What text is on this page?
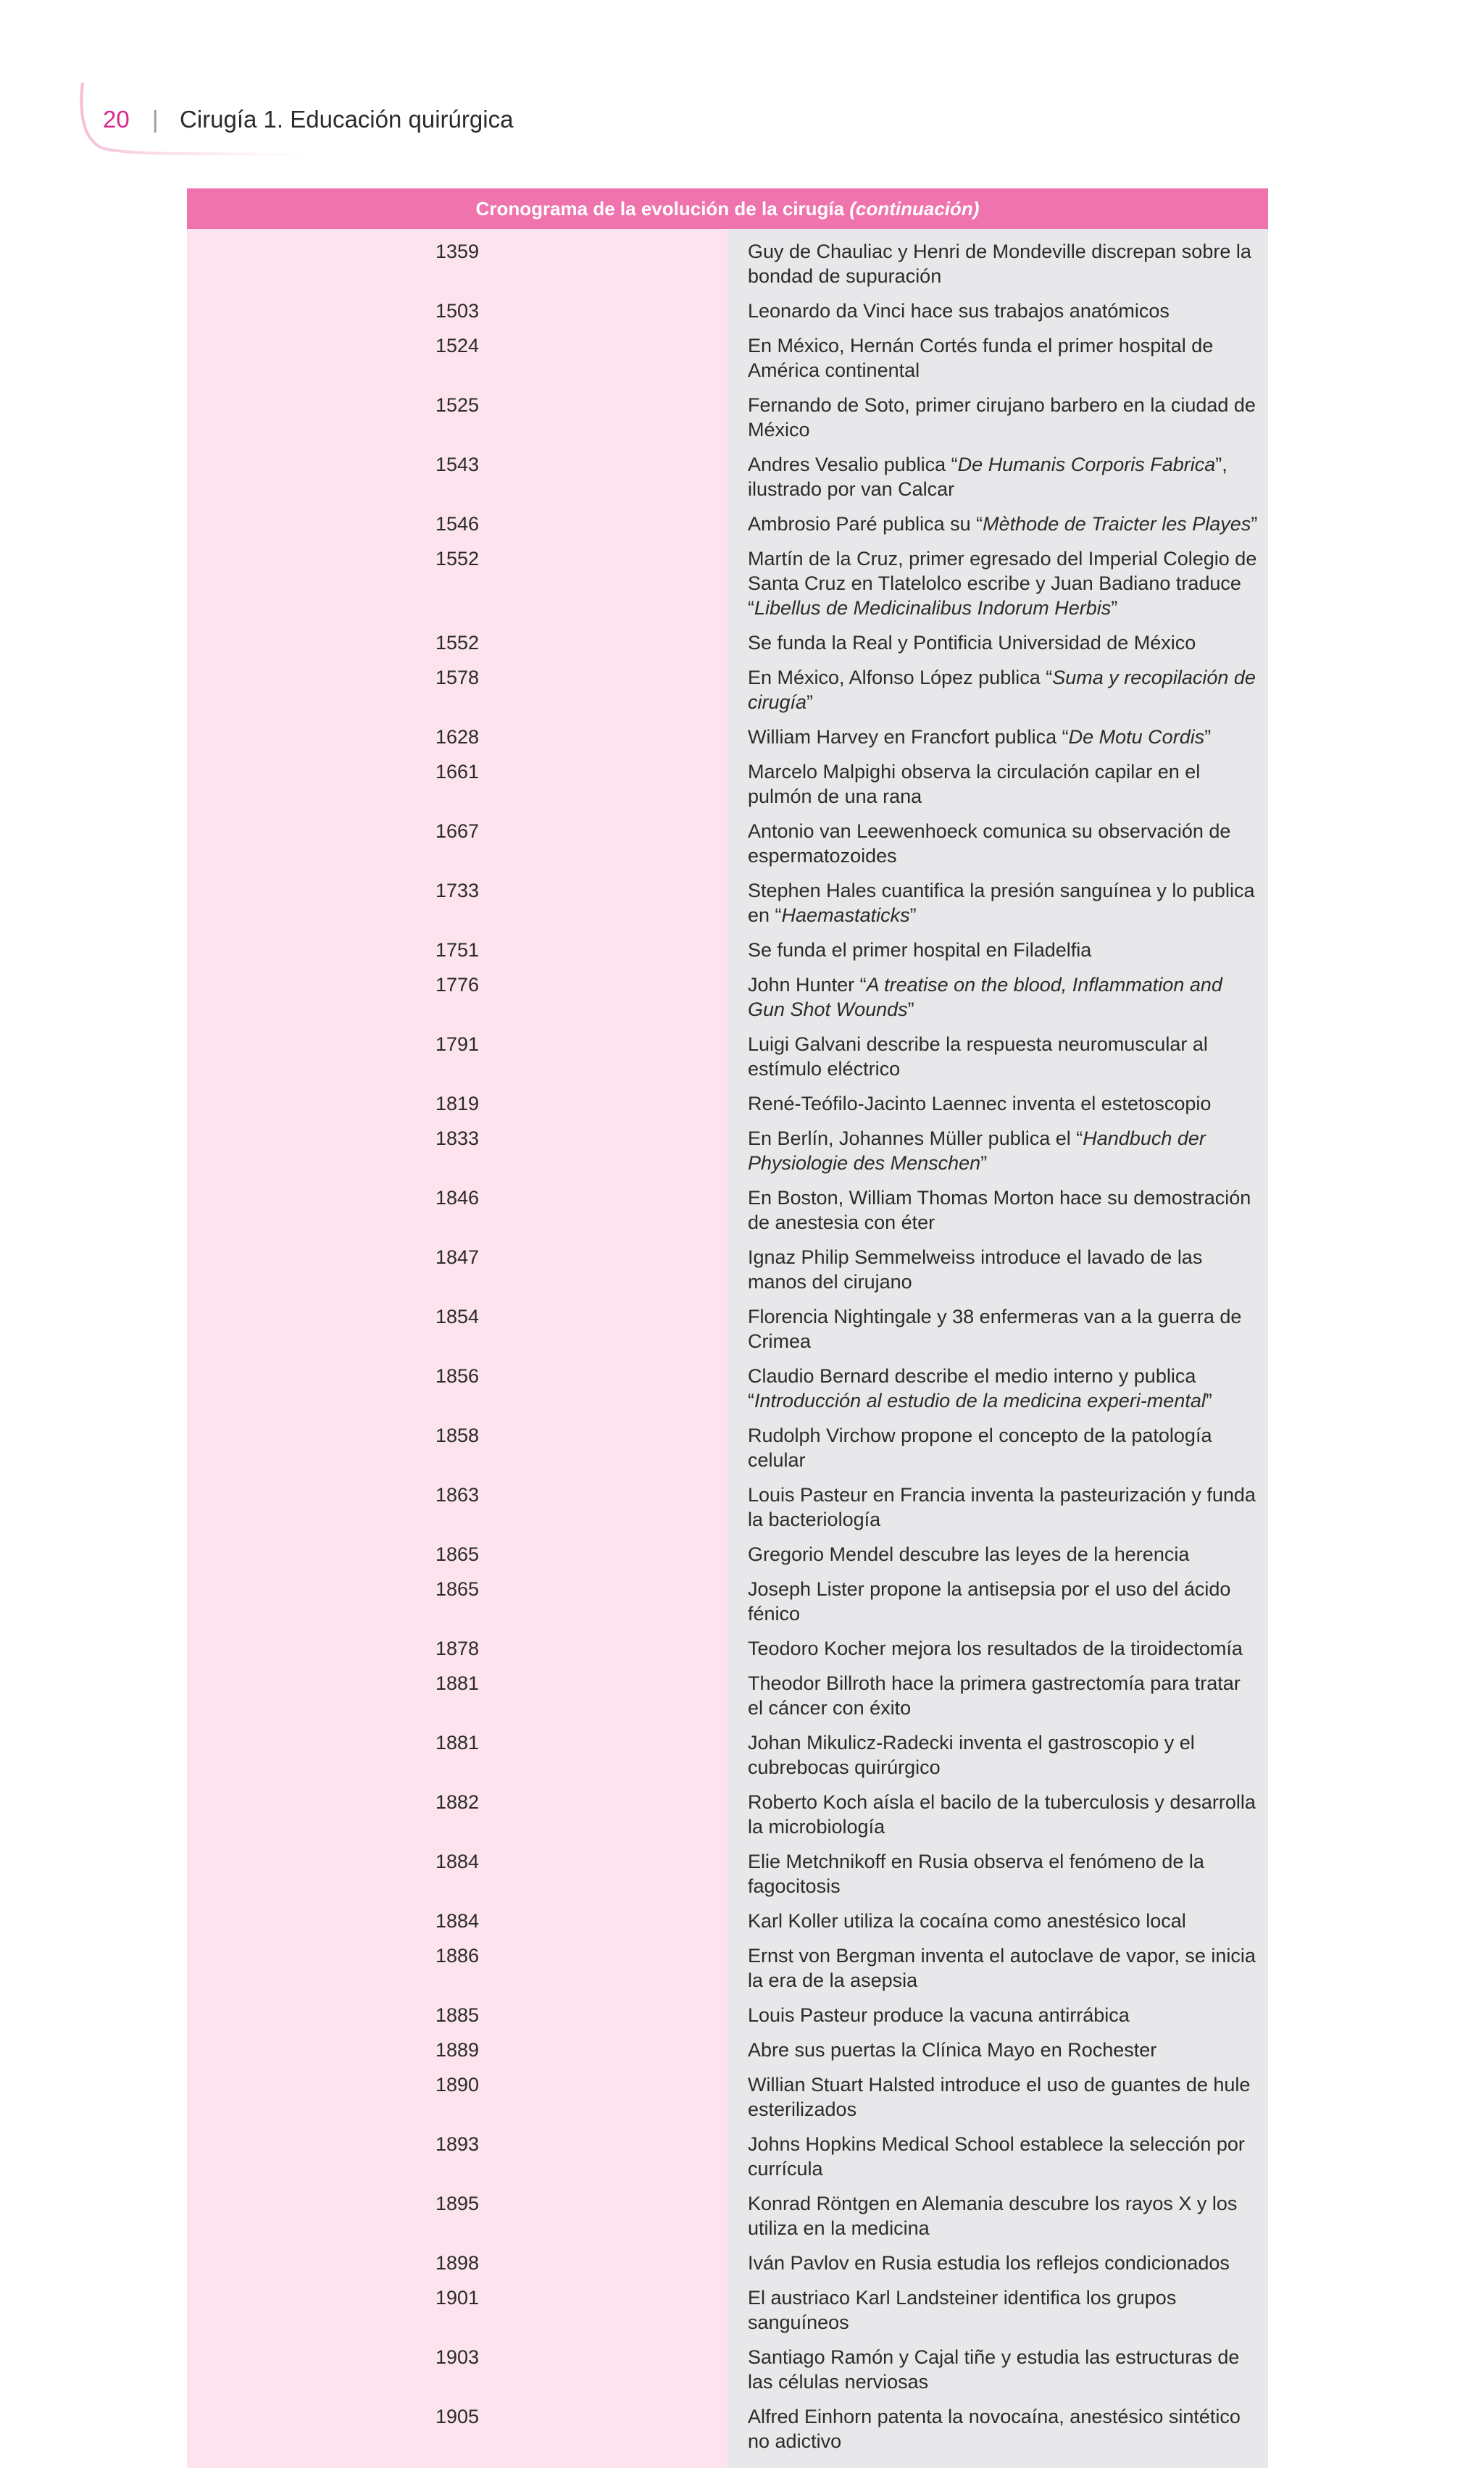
20 | Cirugía 1. Educación quirúrgica
Cronograma de la evolución de la cirugía (continuación)	
1359	Guy de Chauliac y Henri de Mondeville discrepan sobre la bondad de supuración
1503	Leonardo da Vinci hace sus trabajos anatómicos
1524	En México, Hernán Cortés funda el primer hospital de América continental
1525	Fernando de Soto, primer cirujano barbero en la ciudad de México
1543	Andres Vesalio publica “De Humanis Corporis Fabrica”, ilustrado por van Calcar
1546	Ambrosio Paré publica su “Mèthode de Traicter les Playes”
1552	Martín de la Cruz, primer egresado del Imperial Colegio de Santa Cruz en Tlatelolco escribe y Juan Badiano traduce “Libellus de Medicinalibus Indorum Herbis”
1552	Se funda la Real y Pontificia Universidad de México
1578	En México, Alfonso López publica “Suma y recopilación de cirugía”
1628	William Harvey en Francfort publica “De Motu Cordis”
1661	Marcelo Malpighi observa la circulación capilar en el pulmón de una rana
1667	Antonio van Leewenhoeck comunica su observación de espermatozoides
1733	Stephen Hales cuantifica la presión sanguínea y lo publica en “Haemastaticks”
1751	Se funda el primer hospital en Filadelfia
1776	John Hunter “A treatise on the blood, Inflammation and Gun Shot Wounds”
1791	Luigi Galvani describe la respuesta neuromuscular al estímulo eléctrico
1819	René-Teófilo-Jacinto Laennec inventa el estetoscopio
1833	En Berlín, Johannes Müller publica el “Handbuch der Physiologie des Menschen”
1846	En Boston, William Thomas Morton hace su demostración de anestesia con éter
1847	Ignaz Philip Semmelweiss introduce el lavado de las manos del cirujano
1854	Florencia Nightingale y 38 enfermeras van a la guerra de Crimea
1856	Claudio Bernard describe el medio interno y publica “Introducción al estudio de la medicina experi-mental”
1858	Rudolph Virchow propone el concepto de la patología celular
1863	Louis Pasteur en Francia inventa la pasteurización y funda la bacteriología
1865	Gregorio Mendel descubre las leyes de la herencia
1865	Joseph Lister propone la antisepsia por el uso del ácido fénico
1878	Teodoro Kocher mejora los resultados de la tiroidectomía
1881	Theodor Billroth hace la primera gastrectomía para tratar el cáncer con éxito
1881	Johan Mikulicz-Radecki inventa el gastroscopio y el cubrebocas quirúrgico
1882	Roberto Koch aísla el bacilo de la tuberculosis y desarrolla la microbiología
1884	Elie Metchnikoff en Rusia observa el fenómeno de la fagocitosis
1884	Karl Koller utiliza la cocaína como anestésico local
1886	Ernst von Bergman inventa el autoclave de vapor, se inicia la era de la asepsia
1885	Louis Pasteur produce la vacuna antirrábica
1889	Abre sus puertas la Clínica Mayo en Rochester
1890	Willian Stuart Halsted introduce el uso de guantes de hule esterilizados
1893	Johns Hopkins Medical School establece la selección por currícula
1895	Konrad Röntgen en Alemania descubre los rayos X y los utiliza en la medicina
1898	Iván Pavlov en Rusia estudia los reflejos condicionados
1901	El austriaco Karl Landsteiner identifica los grupos sanguíneos
1903	Santiago Ramón y Cajal tiñe y estudia las estructuras de las células nerviosas
1905	Alfred Einhorn patenta la novocaína, anestésico sintético no adictivo
